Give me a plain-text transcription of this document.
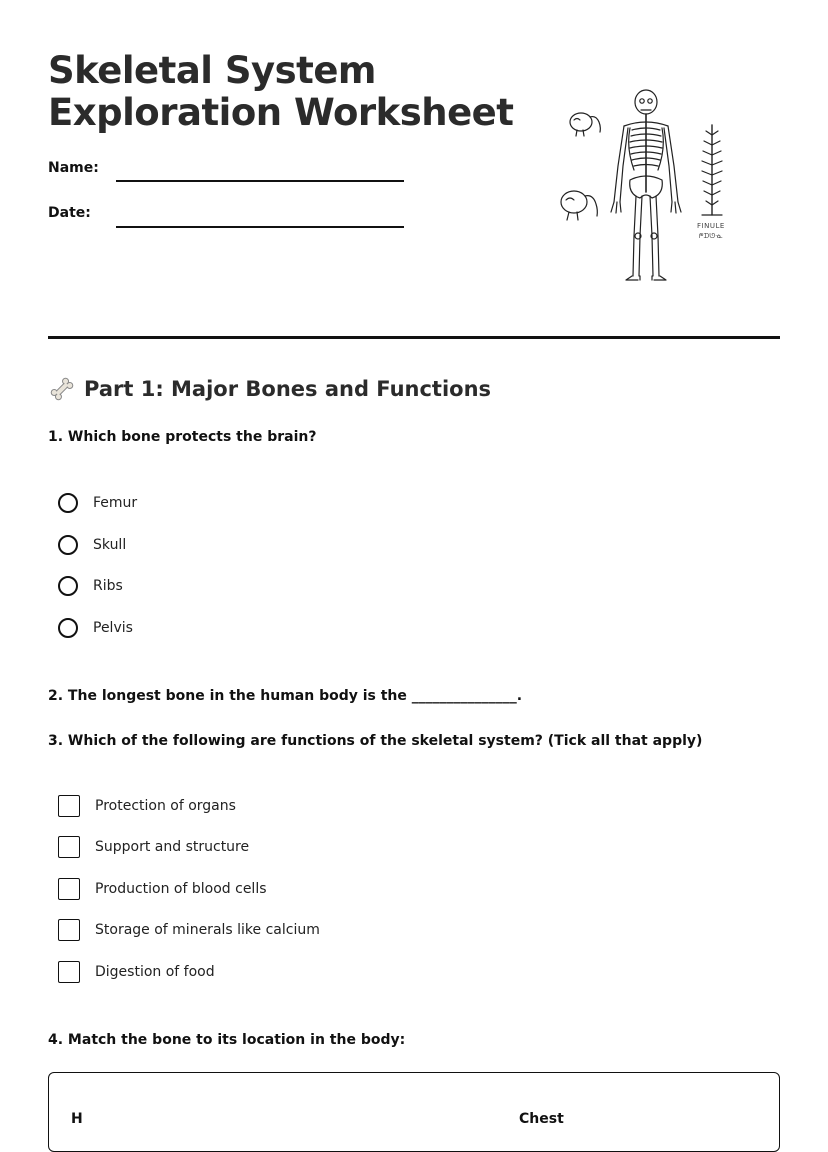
Skeletal System
Exploration Worksheet
Name:
Date:
FINULE
ᖘᗪᘎᓍ
Part 1: Major Bones and Functions

1. Which bone protects the brain?

Femur
Skull
Ribs
Pelvis

2. The longest bone in the human body is the _______________.

3. Which of the following are functions of the skeletal system? (Tick all that apply)

Protection of organs
Support and structure
Production of blood cells
Storage of minerals like calcium
Digestion of food

4. Match the bone to its location in the body:

H	Chest
